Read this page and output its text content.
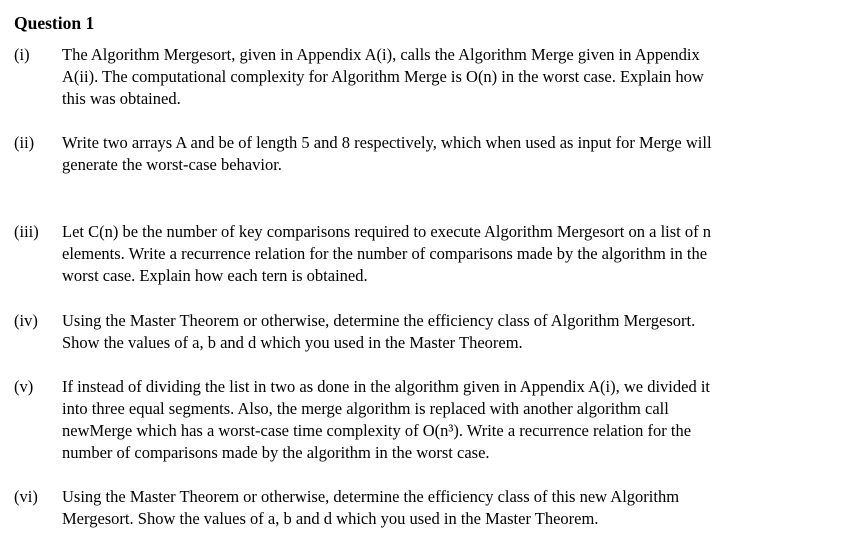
Question 1
(i) The Algorithm Mergesort, given in Appendix A(i), calls the Algorithm Merge given in Appendix
A(ii). The computational complexity for Algorithm Merge is O(n) in the worst case. Explain how
this was obtained.
(ii) Write two arrays A and be of length 5 and 8 respectively, which when used as input for Merge will
generate the worst-case behavior.
(iii) Let C(n) be the number of key comparisons required to execute Algorithm Mergesort on a list of n
elements. Write a recurrence relation for the number of comparisons made by the algorithm in the
worst case. Explain how each tern is obtained.
(iv) Using the Master Theorem or otherwise, determine the efficiency class of Algorithm Mergesort.
Show the values of a, b and d which you used in the Master Theorem.
(v) If instead of dividing the list in two as done in the algorithm given in Appendix A(i), we divided it
into three equal segments. Also, the merge algorithm is replaced with another algorithm call
newMerge which has a worst-case time complexity of O(n³). Write a recurrence relation for the
number of comparisons made by the algorithm in the worst case.
(vi) Using the Master Theorem or otherwise, determine the efficiency class of this new Algorithm
Mergesort. Show the values of a, b and d which you used in the Master Theorem.
